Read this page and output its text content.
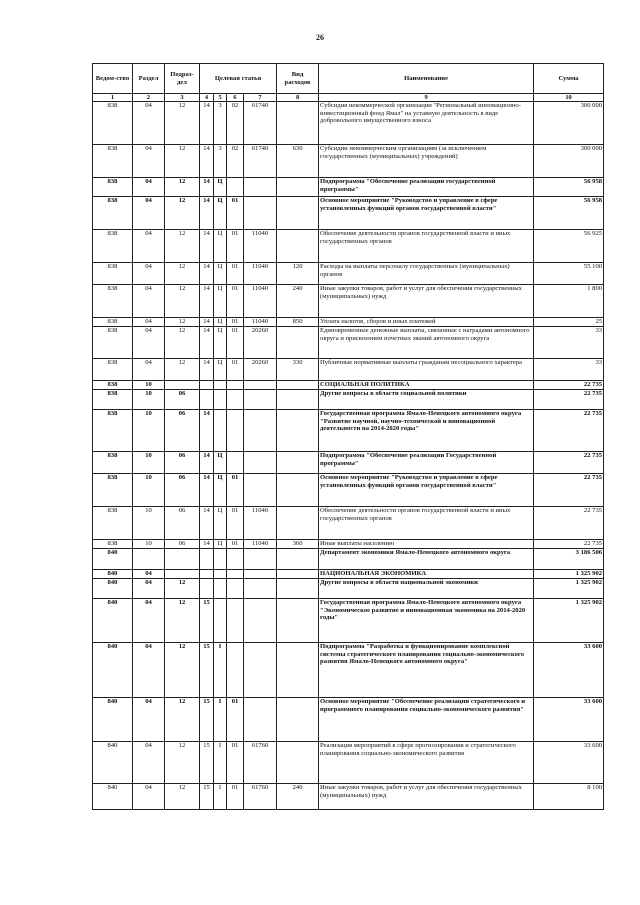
26
Ведом-ство	Раздел	Подраз-дел	Целевая статья				Вид расходов	Наименование	Сумма
1	2	3	4	5	6	7	8	9	10
838	04	12	14	3	02	61740		Субсидия некоммерческой организации "Региональный инновационно-инвестиционный фонд Ямал" на уставную деятельность в виде добровольного имущественного взноса	300 000
838	04	12	14	3	02	61740	630	Субсидии некоммерческим организациям (за исключением государственных (муниципальных) учреждений)	300 000
838	04	12	14	Ц				Подпрограмма "Обеспечение реализации государственной программы"	56 958
838	04	12	14	Ц	01			Основное мероприятие "Руководство и управление в сфере установленных функций органов государственной власти"	56 958
838	04	12	14	Ц	01	11040		Обеспечение деятельности органов государственной власти и иных государственных органов	56 925
838	04	12	14	Ц	01	11040	120	Расходы на выплаты персоналу государственных (муниципальных) органов	55 100
838	04	12	14	Ц	01	11040	240	Иные закупки товаров, работ и услуг для обеспечения государственных (муниципальных) нужд	1 800
838	04	12	14	Ц	01	11040	850	Уплата налогов, сборов и иных платежей	25
838	04	12	14	Ц	01	20260		Единовременные денежные выплаты, связанные с наградами автономного округа и присвоением почетных званий автономного округа	33
838	04	12	14	Ц	01	20260	330	Публичные нормативные выплаты гражданам несоциального характера	33
838	10							СОЦИАЛЬНАЯ ПОЛИТИКА	22 735
838	10	06						Другие вопросы в области социальной политики	22 735
838	10	06	14					Государственная программа Ямало-Ненецкого автономного округа "Развитие научной, научно-технической и инновационной деятельности на 2014-2020 годы"	22 735
838	10	06	14	Ц				Подпрограмма "Обеспечение реализации Государственной программы"	22 735
838	10	06	14	Ц	01			Основное мероприятие "Руководство и управление в сфере установленных функций органов государственной власти"	22 735
838	10	06	14	Ц	01	11040		Обеспечение деятельности органов государственной власти и иных государственных органов	22 735
838	10	06	14	Ц	01	11040	360	Иные выплаты населению	22 735
840								Департамент экономики Ямало-Ненецкого автономного округа	3 186 506
840	04							НАЦИОНАЛЬНАЯ ЭКОНОМИКА	1 325 902
840	04	12						Другие вопросы в области национальной экономики	1 325 902
840	04	12	15					Государственная программа Ямало-Ненецкого автономного округа "Экономическое развитие и инновационная экономика на 2014-2020 годы"	1 325 902
840	04	12	15	I				Подпрограмма "Разработка и функционирование комплексной системы стратегического планирования социально-экономического развития Ямало-Ненецкого автономного округа"	33 600
840	04	12	15	I	01			Основное мероприятие "Обеспечение реализации стратегического и программного планирования социально-экономического развития"	33 600
840	04	12	15	I	01	61760		Реализация мероприятий в сфере прогнозирования и стратегического планирования социально-экономического развития	33 600
840	04	12	15	I	01	61760	240	Иные закупки товаров, работ и услуг для обеспечения государственных (муниципальных) нужд	8 100
